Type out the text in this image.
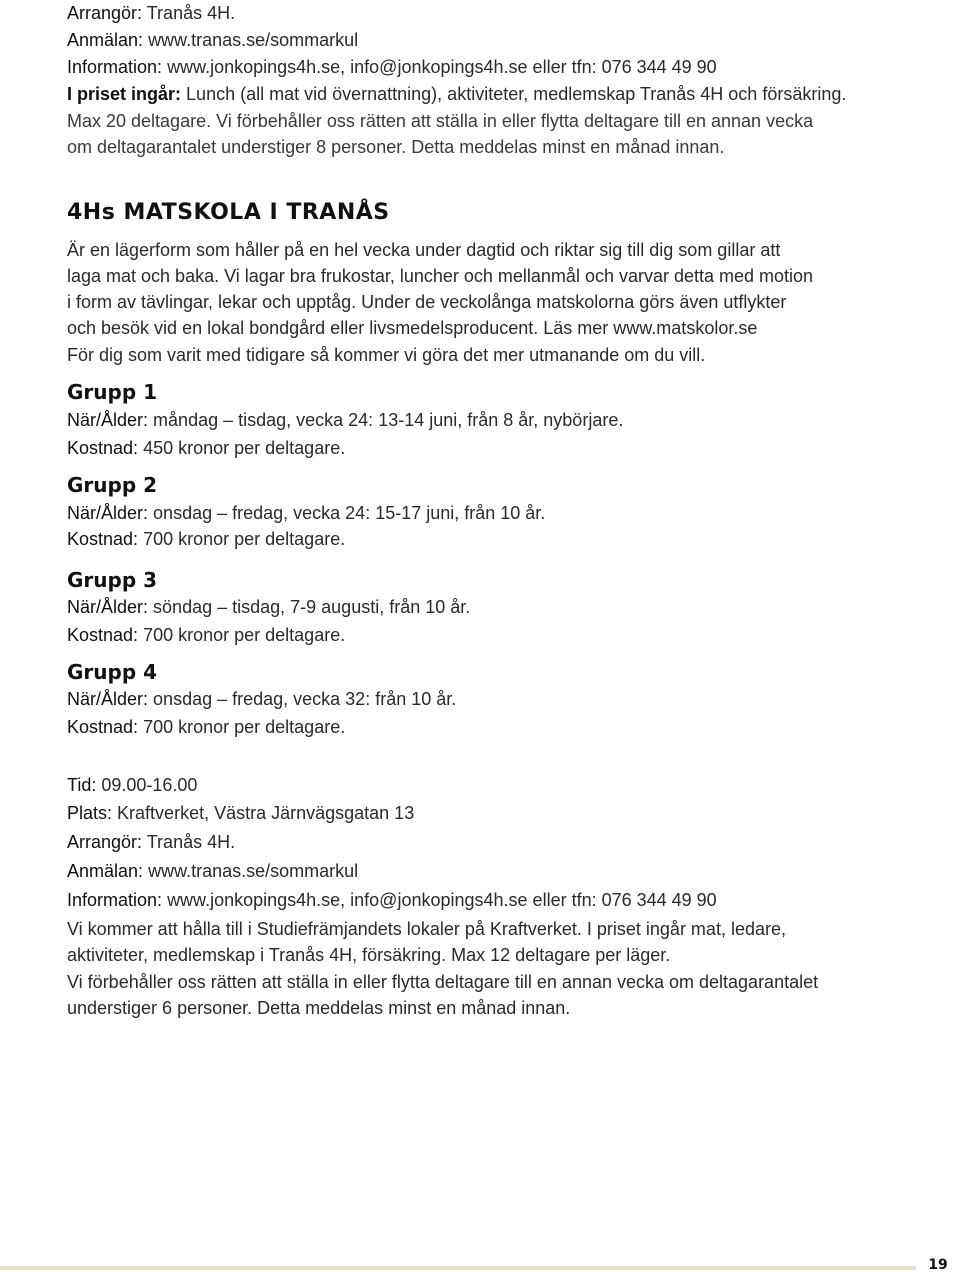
Arrangör: Tranås 4H.

Anmälan: www.tranas.se/sommarkul

Information: www.jonkopings4h.se, info@jonkopings4h.se eller tfn: 076 344 49 90

I priset ingår: Lunch (all mat vid övernattning), aktiviteter, medlemskap Tranås 4H och försäkring.

Max 20 deltagare. Vi förbehåller oss rätten att ställa in eller flytta deltagare till en annan vecka

om deltagarantalet understiger 8 personer. Detta meddelas minst en månad innan.

4Hs MATSKOLA I TRANÅS

Är en lägerform som håller på en hel vecka under dagtid och riktar sig till dig som gillar att

laga mat och baka. Vi lagar bra frukostar, luncher och mellanmål och varvar detta med motion

i form av tävlingar, lekar och upptåg. Under de veckolånga matskolorna görs även utflykter

och besök vid en lokal bondgård eller livsmedelsproducent. Läs mer www.matskolor.se

För dig som varit med tidigare så kommer vi göra det mer utmanande om du vill.

Grupp 1

När/Ålder: måndag – tisdag, vecka 24: 13-14 juni, från 8 år, nybörjare.

Kostnad: 450 kronor per deltagare.

Grupp 2

När/Ålder: onsdag – fredag, vecka 24: 15-17 juni, från 10 år.

Kostnad: 700 kronor per deltagare.

Grupp 3

När/Ålder: söndag – tisdag, 7-9 augusti, från 10 år.

Kostnad: 700 kronor per deltagare.

Grupp 4

När/Ålder: onsdag – fredag, vecka 32: från 10 år.

Kostnad: 700 kronor per deltagare.

Tid: 09.00-16.00

Plats: Kraftverket, Västra Järnvägsgatan 13

Arrangör: Tranås 4H.

Anmälan: www.tranas.se/sommarkul

Information: www.jonkopings4h.se, info@jonkopings4h.se eller tfn: 076 344 49 90

Vi kommer att hålla till i Studiefrämjandets lokaler på Kraftverket. I priset ingår mat, ledare,

aktiviteter, medlemskap i Tranås 4H, försäkring. Max 12 deltagare per läger.

Vi förbehåller oss rätten att ställa in eller flytta deltagare till en annan vecka om deltagarantalet

understiger 6 personer. Detta meddelas minst en månad innan.

19
